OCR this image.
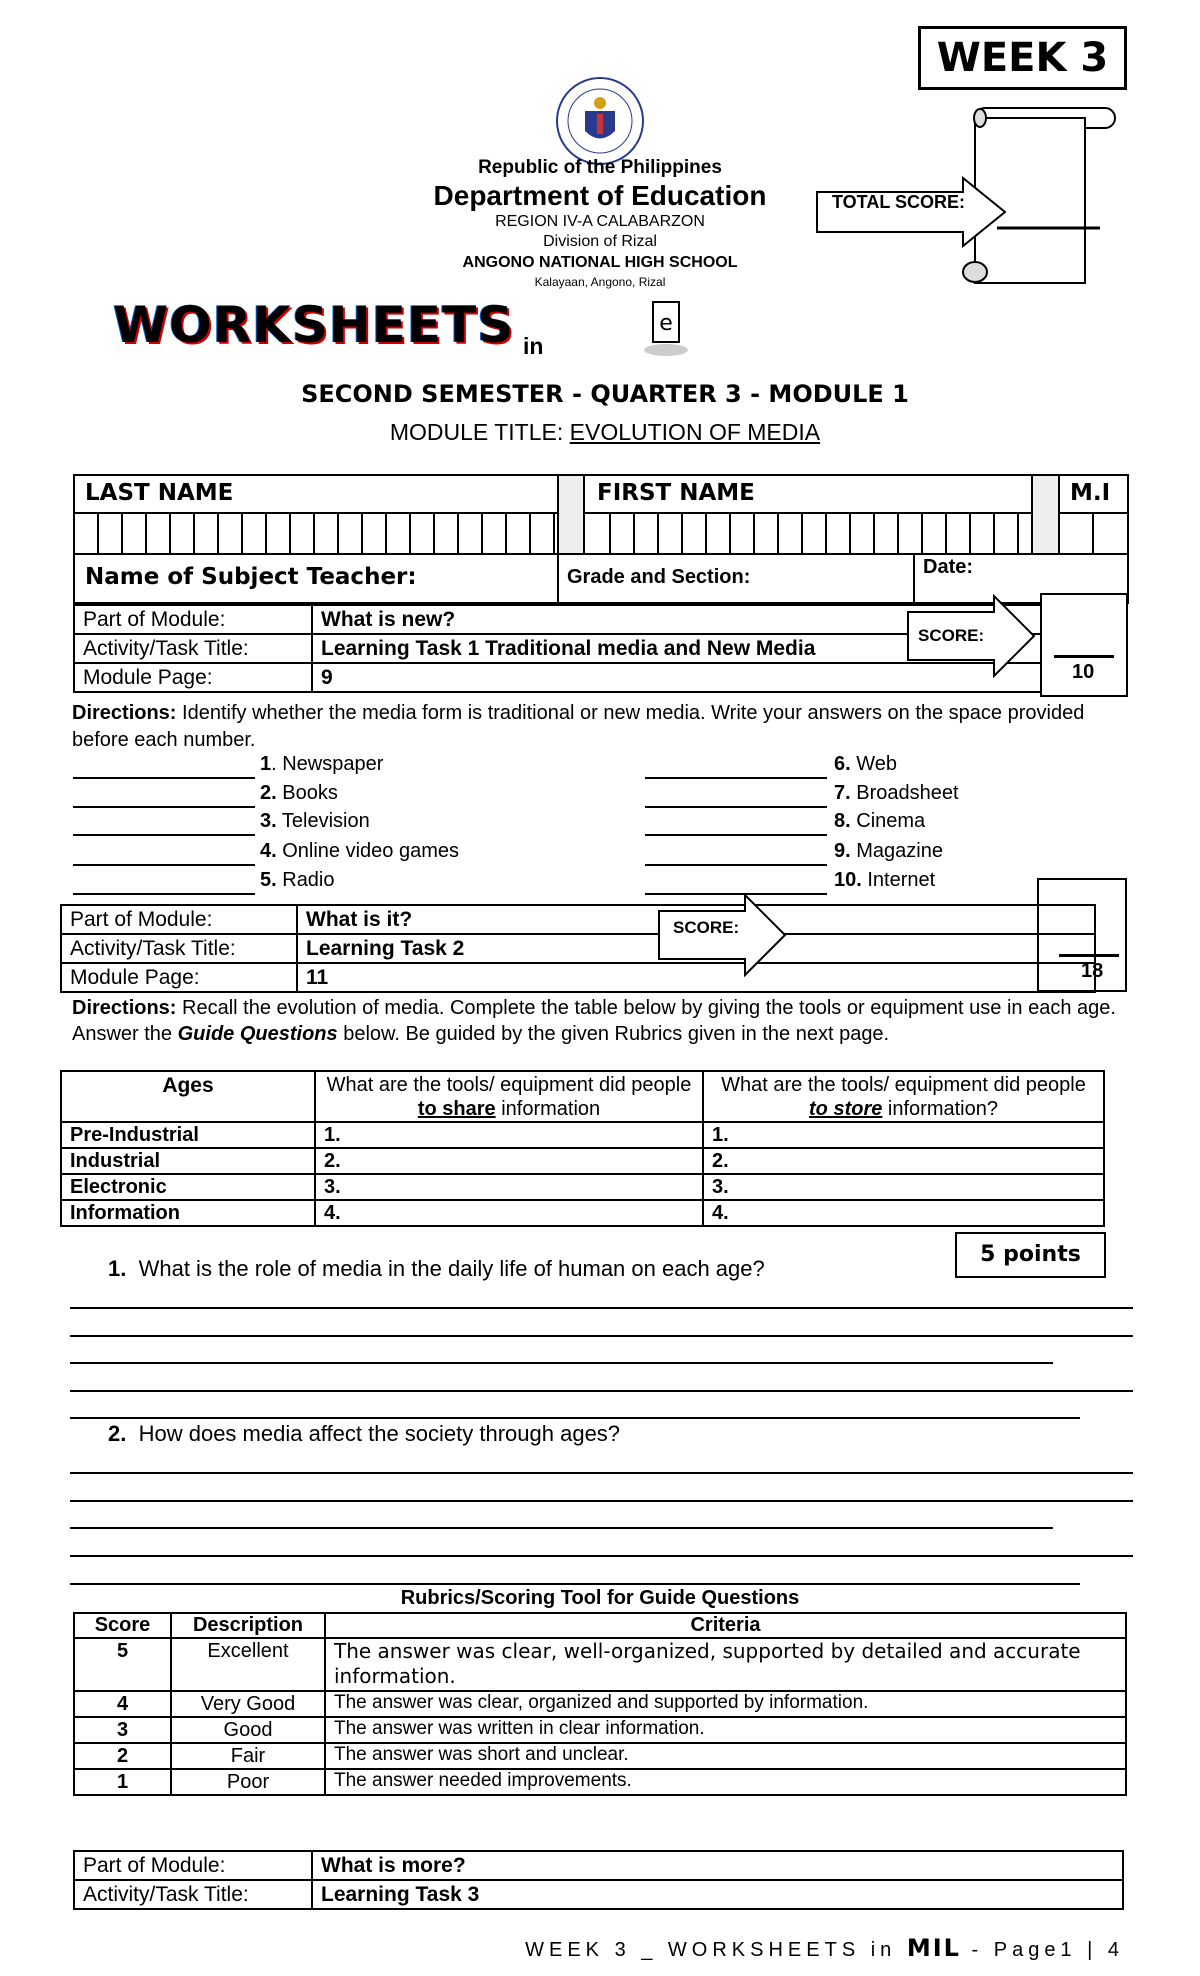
WEEK 3
TOTAL SCORE:
Republic of the Philippines
Department of Education
REGION IV-A CALABARZON
Division of Rizal
ANGONO NATIONAL HIGH SCHOOL
Kalayaan, Angono, Rizal
WORKSHEETS in
e
SECOND SEMESTER - QUARTER 3 - MODULE 1
MODULE TITLE: EVOLUTION OF MEDIA
LAST NAME	FIRST NAME	M.I
Name of Subject Teacher:	Grade and Section:	Date:
Part of Module:	What is new?
Activity/Task Title:	Learning Task 1 Traditional media and New Media
Module Page:	9
SCORE:
10
Directions: Identify whether the media form is traditional or new media. Write your answers on the space provided before each number.
1. Newspaper
2. Books
3. Television
4. Online video games
5. Radio
6. Web
7. Broadsheet
8. Cinema
9. Magazine
10. Internet
Part of Module:	What is it?
Activity/Task Title:	Learning Task 2
Module Page:	11
SCORE:
18
Directions: Recall the evolution of media. Complete the table below by giving the tools or equipment use in each age. Answer the Guide Questions below. Be guided by the given Rubrics given in the next page.
Ages	What are the tools/ equipment did people to share information	What are the tools/ equipment did people to store information?
Pre-Industrial	1.	1.
Industrial	2.	2.
Electronic	3.	3.
Information	4.	4.
5 points
1. What is the role of media in the daily life of human on each age?
2. How does media affect the society through ages?
Rubrics/Scoring Tool for Guide Questions
Score	Description	Criteria
5	Excellent	The answer was clear, well-organized, supported by detailed and accurate information.
4	Very Good	The answer was clear, organized and supported by information.
3	Good	The answer was written in clear information.
2	Fair	The answer was short and unclear.
1	Poor	The answer needed improvements.
Part of Module:	What is more?
Activity/Task Title:	Learning Task 3
WEEK 3 _ WORKSHEETS in MIL - Page1 | 4
